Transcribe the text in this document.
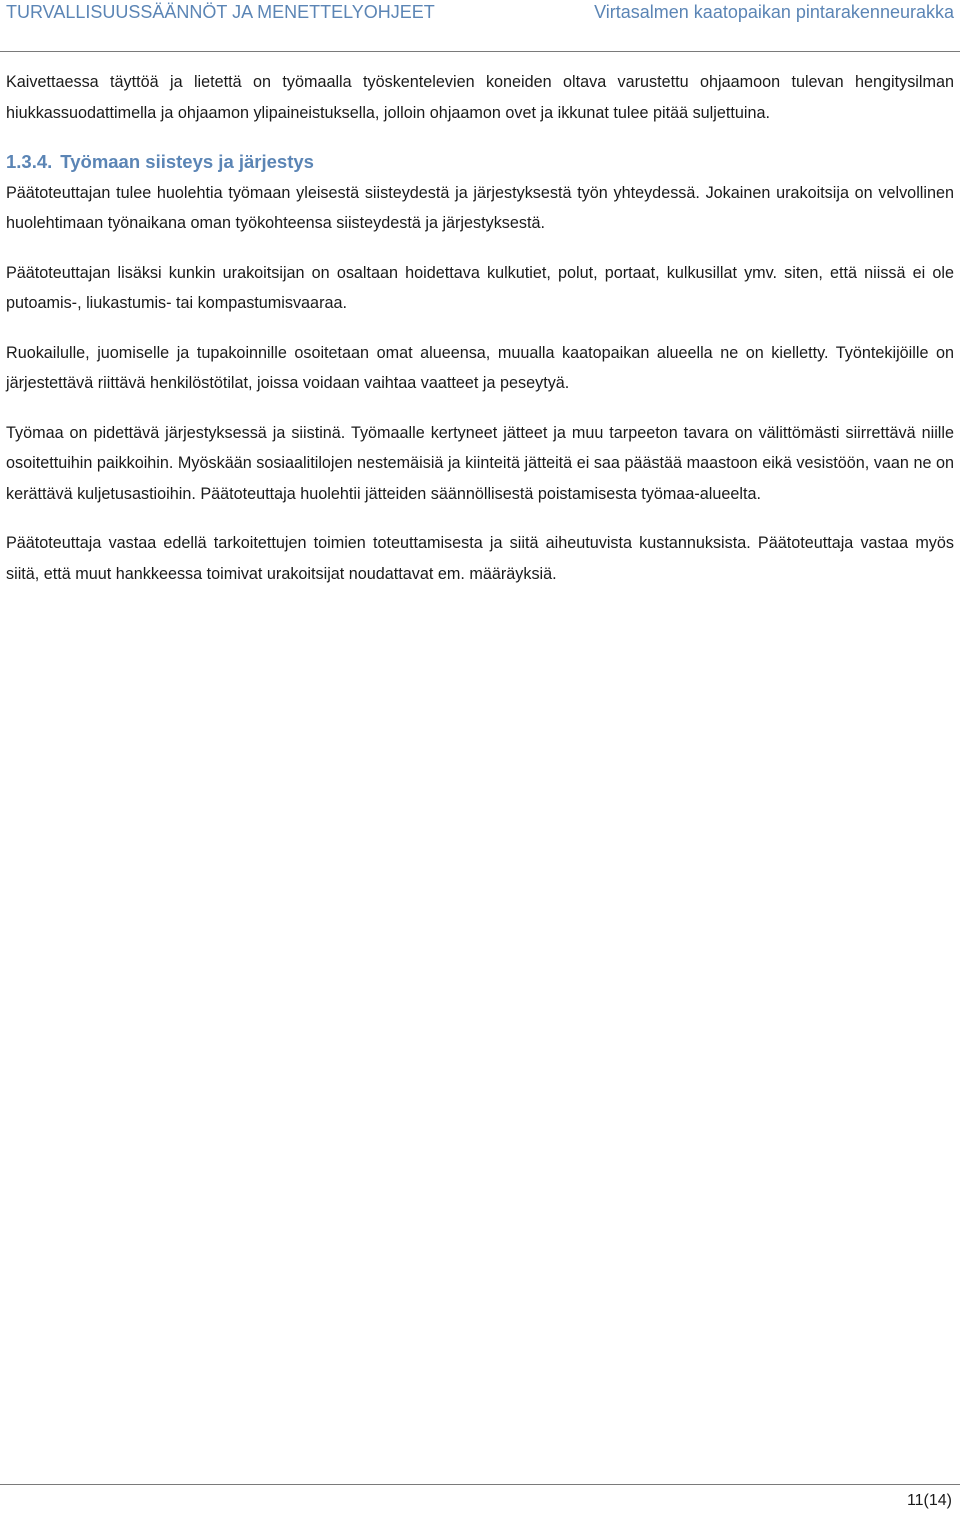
TURVALLISUUSSÄÄNNÖT JA MENETTELYOHJEET	Virtasalmen kaatopaikan pintarakenneurakka

Kaivettaessa täyttöä ja lietettä on työmaalla työskentelevien koneiden oltava varustettu ohjaamoon tulevan hengitysilman hiukkassuodattimella ja ohjaamon ylipaineistuksella, jolloin ohjaamon ovet ja ikkunat tulee pitää suljettuina.

1.3.4. Työmaan siisteys ja järjestys

Päätoteuttajan tulee huolehtia työmaan yleisestä siisteydestä ja järjestyksestä työn yhteydessä. Jokainen urakoitsija on velvollinen huolehtimaan työnaikana oman työkohteensa siisteydestä ja järjestyksestä.

Päätoteuttajan lisäksi kunkin urakoitsijan on osaltaan hoidettava kulkutiet, polut, portaat, kulkusillat ymv. siten, että niissä ei ole putoamis-, liukastumis- tai kompastumisvaaraa.

Ruokailulle, juomiselle ja tupakoinnille osoitetaan omat alueensa, muualla kaatopaikan alueella ne on kielletty. Työntekijöille on järjestettävä riittävä henkilöstötilat, joissa voidaan vaihtaa vaatteet ja peseytyä.

Työmaa on pidettävä järjestyksessä ja siistinä. Työmaalle kertyneet jätteet ja muu tarpeeton tavara on välittömästi siirrettävä niille osoitettuihin paikkoihin. Myöskään sosiaalitilojen nestemäisiä ja kiinteitä jätteitä ei saa päästää maastoon eikä vesistöön, vaan ne on kerättävä kuljetusastioihin. Päätoteuttaja huolehtii jätteiden säännöllisestä poistamisesta työmaa-alueelta.

Päätoteuttaja vastaa edellä tarkoitettujen toimien toteuttamisesta ja siitä aiheutuvista kustannuksista. Päätoteuttaja vastaa myös siitä, että muut hankkeessa toimivat urakoitsijat noudattavat em. määräyksiä.

11(14)
